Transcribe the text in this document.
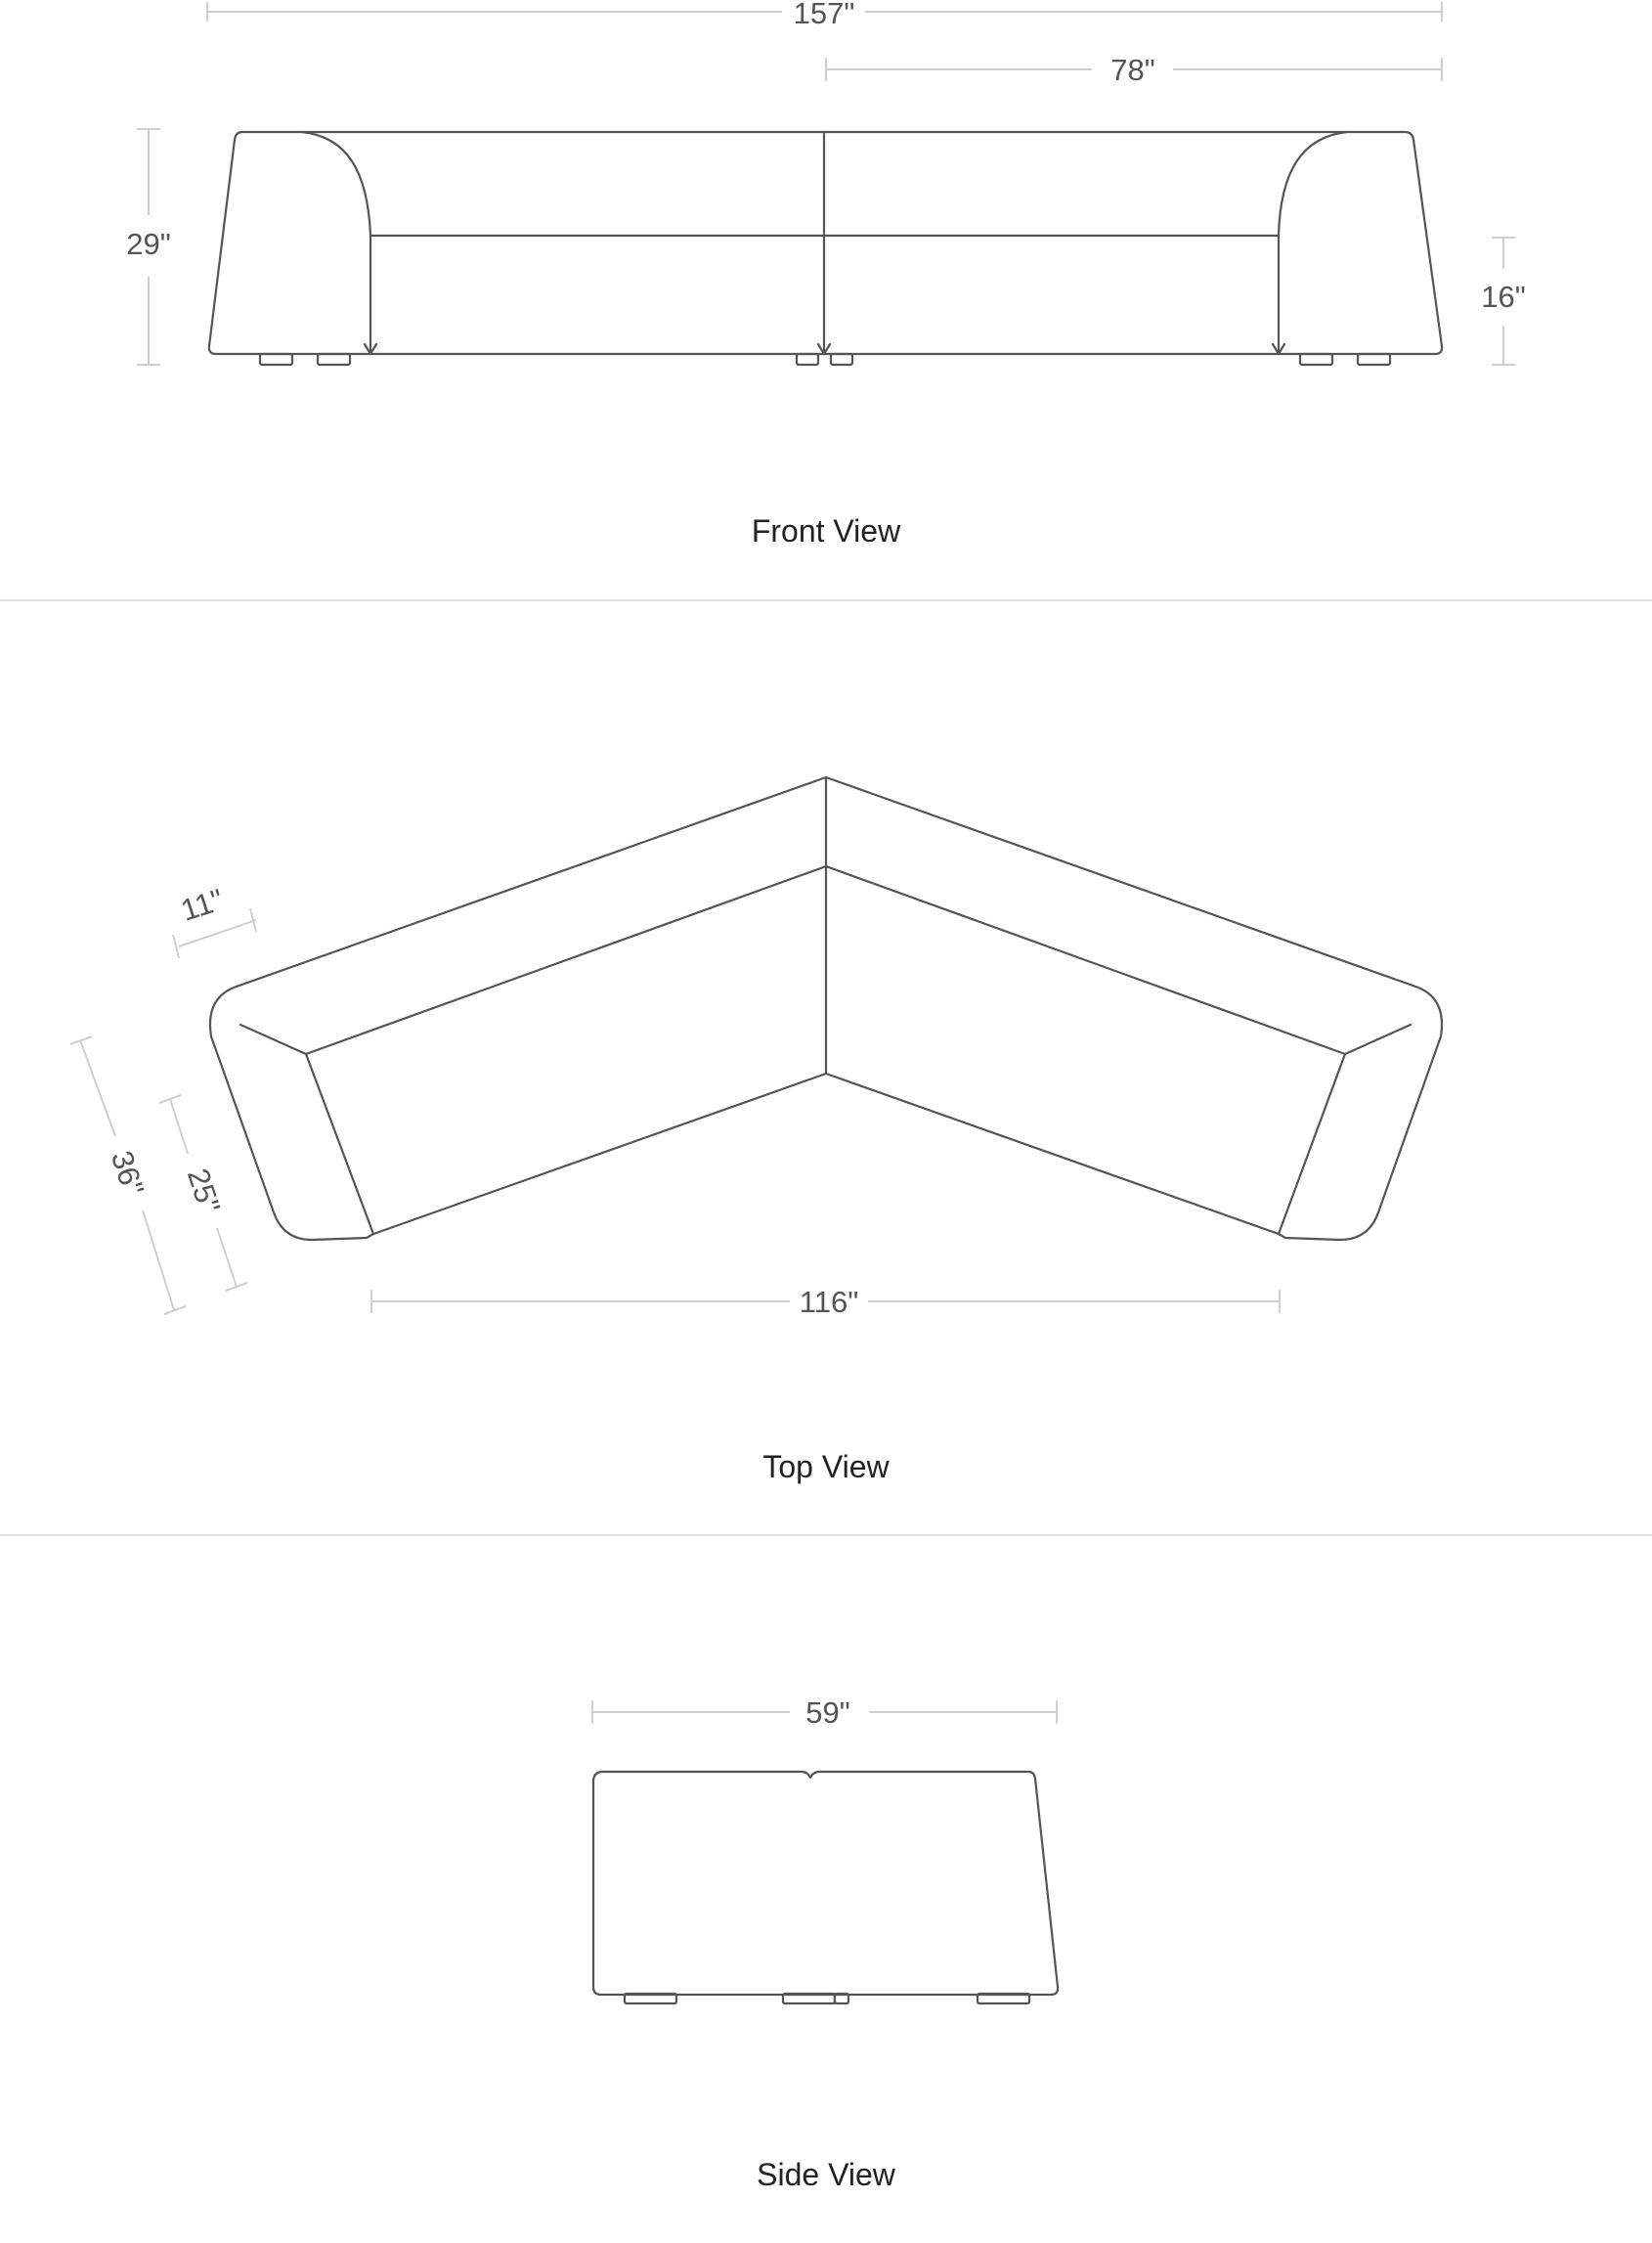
157"
78"
29"
16"
11"
36" 25"
116"
59"
Front View
Top View
Side View
